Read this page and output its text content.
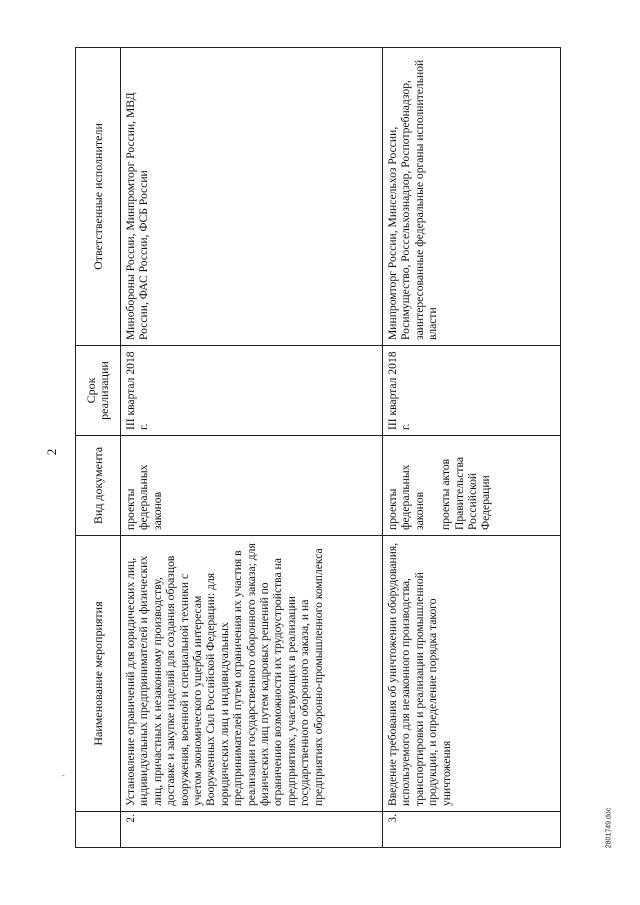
2
-
	Наименование мероприятия	Вид документа	Срок реализации	Ответственные исполнители
2.	Установление ограничений для юридических лиц, индивидуальных предпринимателей и физических лиц, причастных к незаконному производству, доставке и закупке изделий для создания образцов вооружения, военной и специальной техники с учетом экономического ущерба интересам Вооруженных Сил Российской Федерации: для юридических лиц и индивидуальных предпринимателей путем ограничения их участия в реализации государственного оборонного заказа; для физических лиц путем кадровых решений по ограничению возможности их трудоустройства на предприятиях, участвующих в реализации государственного оборонного заказа, и на предприятиях оборонно-промышленного комплекса	проекты федеральных законов	III квартал 2018 г.	Минобороны России, Минпромторг России, МВД России, ФАС России, ФСБ России
3.	Введение требования об уничтожении оборудования, используемого для незаконного производства, транспортировки и реализации промышленной продукции, и определение порядка такого уничтожения	проекты федеральных законов проекты актов Правительства Российской Федерации	III квартал 2018 г.	Минпромторг России, Минсельхоз России, Росимущество, Россельхознадзор, Роспотребнадзор, заинтересованные федеральные органы исполнительной власти
2801749.doc
